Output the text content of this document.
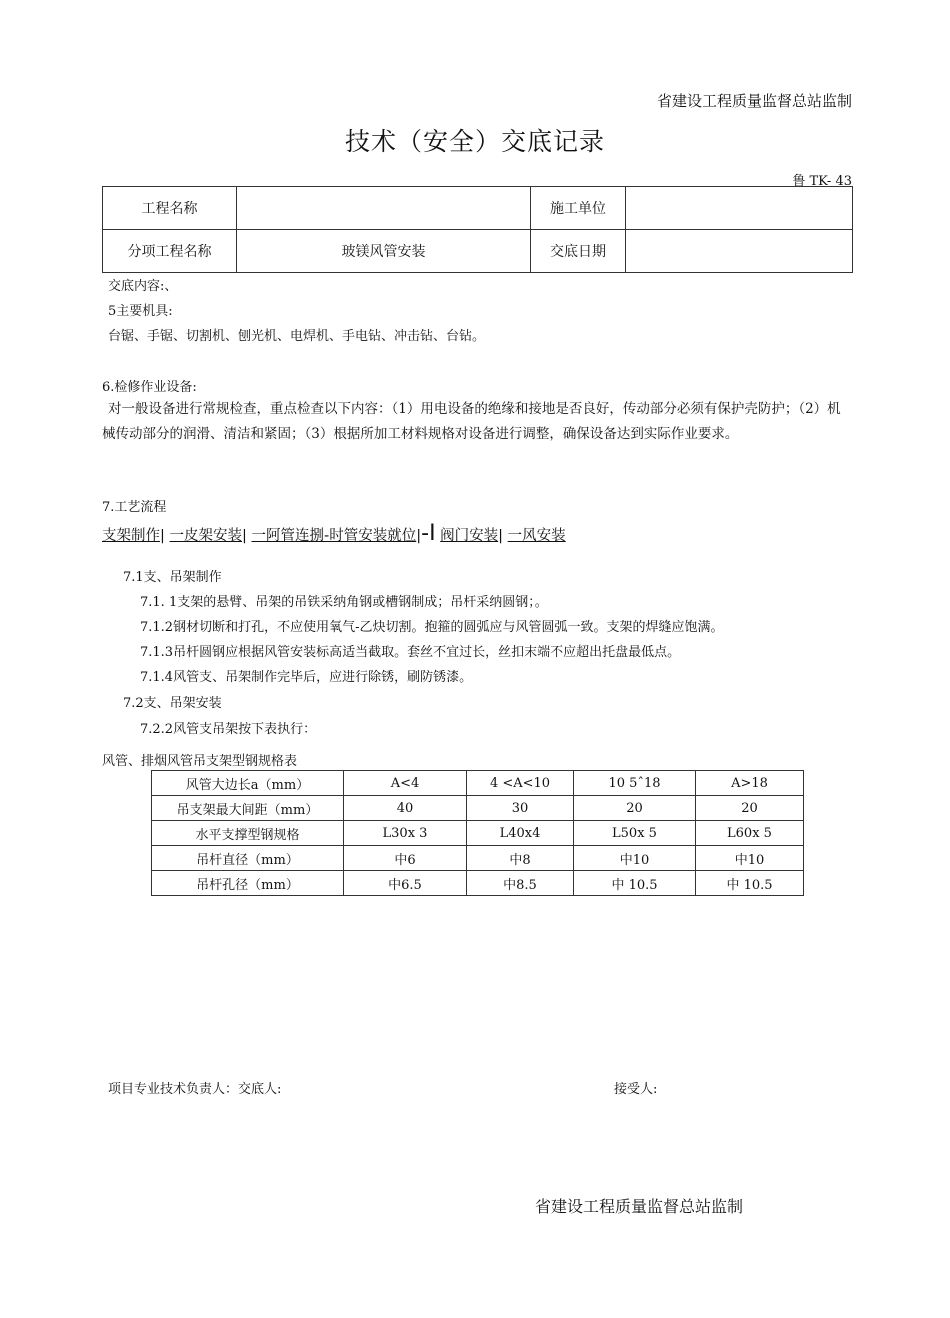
省建设工程质量监督总站监制
技术（安全）交底记录
鲁 TK- 43
工程名称		施工单位	
分项工程名称	玻镁风管安装	交底日期	
交底内容:、
5主要机具:
台锯、手锯、切割机、刨光机、电焊机、手电钻、冲击钻、台钻。
6.检修作业设备:
对一般设备进行常规检查，重点检查以下内容：（1）用电设备的绝缘和接地是否良好，传动部分必须有保护壳防护；（2）机械传动部分的润滑、清洁和紧固；（3）根据所加工材料规格对设备进行调整，确保设备达到实际作业要求。
7.工艺流程
支架制作| 一皮架安装| 一阿管连捌-时管安装就位|-I 阀门安装| 一风安装
7.1支、吊架制作
7.1. 1支架的悬臂、吊架的吊铁采纳角钢或槽钢制成；吊杆采纳圆钢；。
7.1.2钢材切断和打孔，不应使用氧气-乙炔切割。抱箍的圆弧应与风管圆弧一致。支架的焊缝应饱满。
7.1.3吊杆圆钢应根据风管安装标高适当截取。套丝不宜过长，丝扣末端不应超出托盘最低点。
7.1.4风管支、吊架制作完毕后，应进行除锈，刷防锈漆。
7.2支、吊架安装
7.2.2风管支吊架按下表执行：
风管、排烟风管吊支架型钢规格表
风管大边长a（mm）	A<4	4 <A<10	10 5ˆ18	A>18
吊支架最大间距（mm）	40	30	20	20
水平支撑型钢规格	L30x 3	L40x4	L50x 5	L60x 5
吊杆直径（mm）	中6	中8	中10	中10
吊杆孔径（mm）	中6.5	中8.5	中 10.5	中 10.5
项目专业技术负责人：交底人:	接受人:
省建设工程质量监督总站监制
